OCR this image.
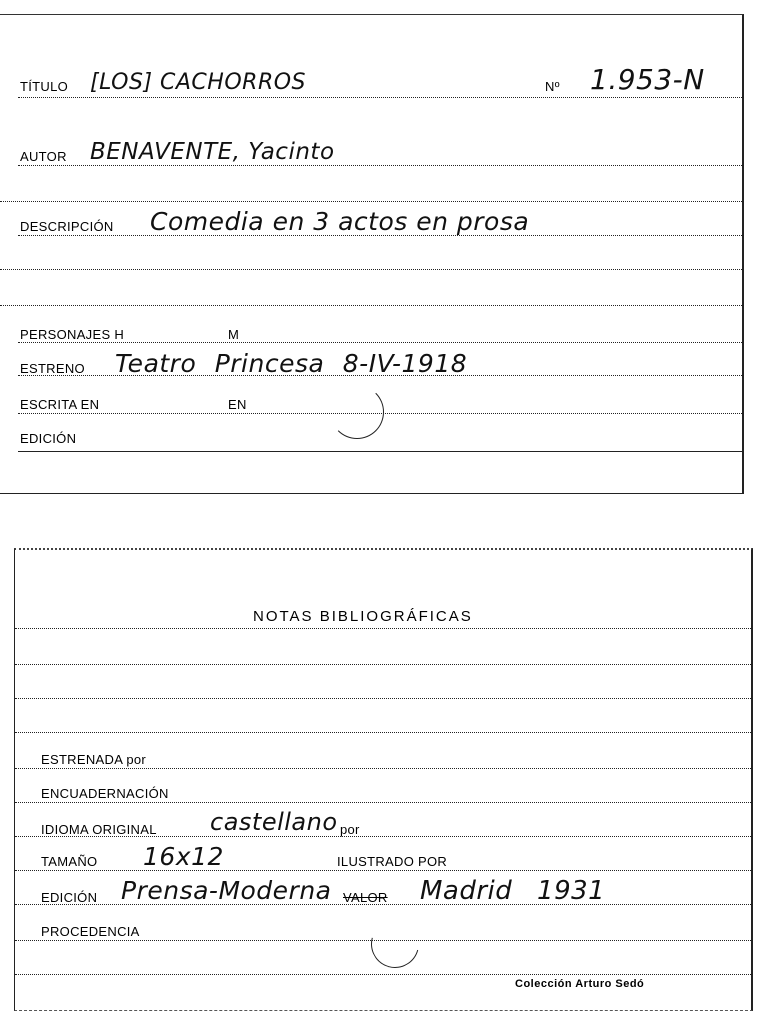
TÍTULO [LOS] CACHORROS	Nº 1.953-N
AUTOR BENAVENTE, Yacinto
DESCRIPCIÓN Comedia en 3 actos en prosa
PERSONAJES H	M
ESTRENO Teatro Princesa 8-IV-1918
ESCRITA EN	EN
EDICIÓN
NOTAS BIBLIOGRÁFICAS
ESTRENADA por
ENCUADERNACIÓN
IDIOMA ORIGINAL castellano por
TAMAÑO 16x12	ILUSTRADO POR
EDICIÓN Prensa-Moderna VALOR Madrid 1931
PROCEDENCIA
Colección Arturo Sedó
